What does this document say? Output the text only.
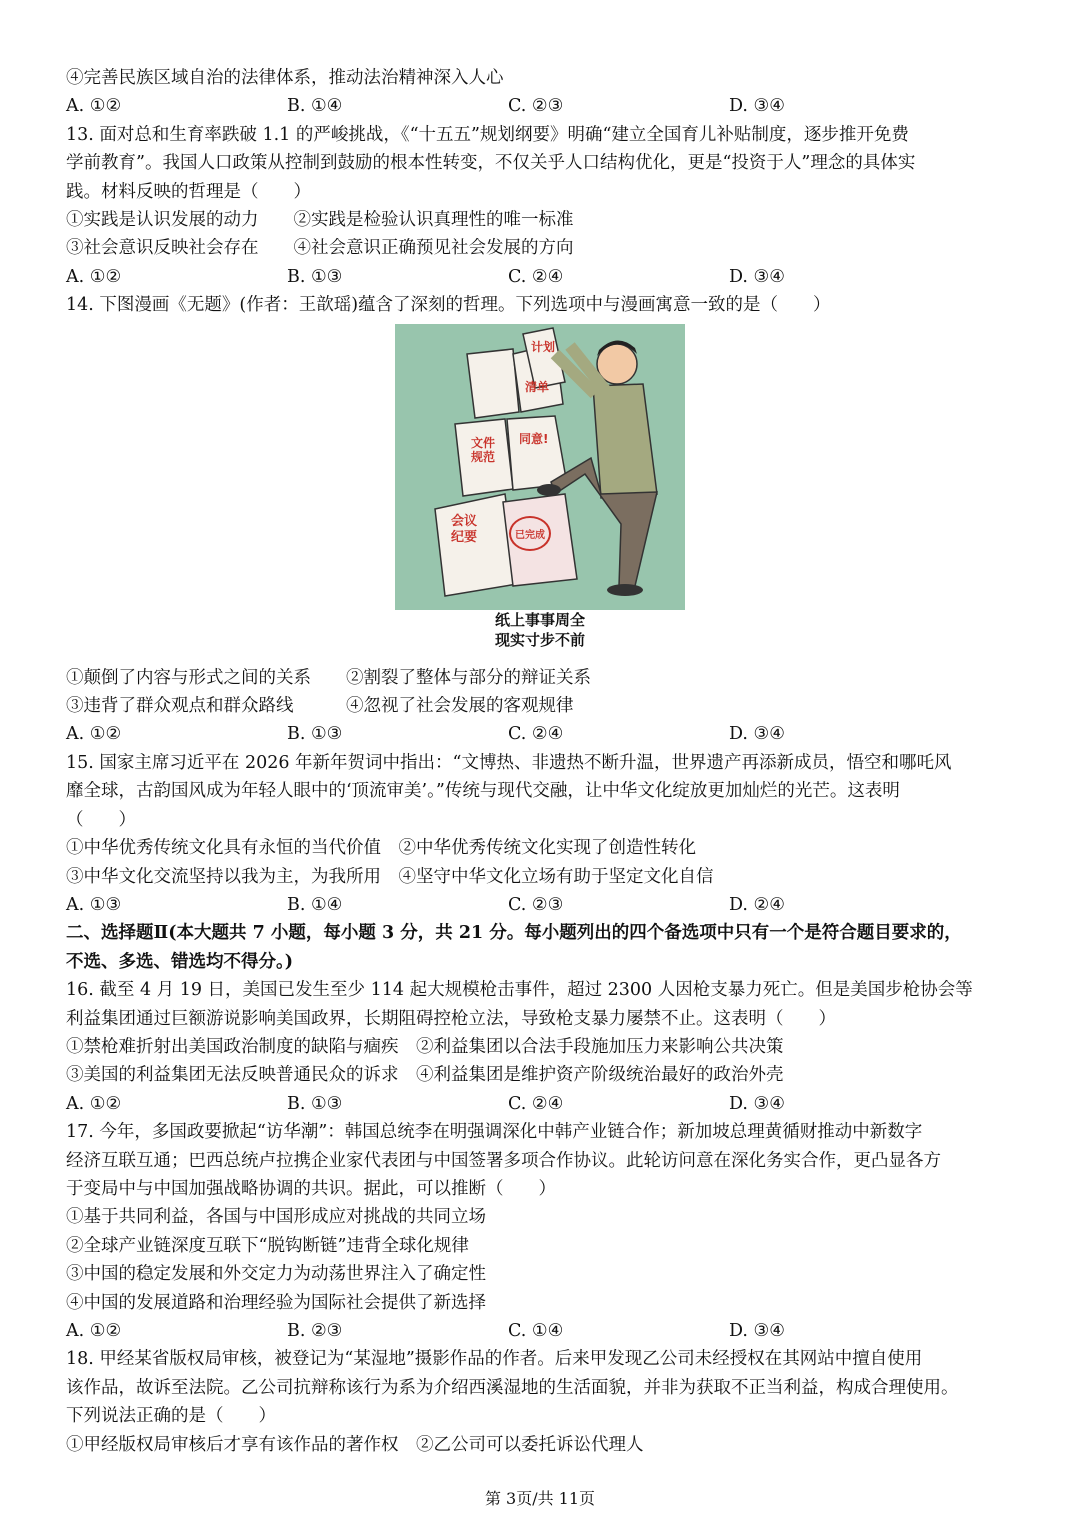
④完善民族区域自治的法律体系，推动法治精神深入人心
A. ①②	B. ①④	C. ②③	D. ③④
13. 面对总和生育率跌破 1.1 的严峻挑战，《“十五五”规划纲要》明确“建立全国育儿补贴制度，逐步推开免费
学前教育”。我国人口政策从控制到鼓励的根本性转变，不仅关乎人口结构优化，更是“投资于人”理念的具体实
践。材料反映的哲理是（　　）
①实践是认识发展的动力　　②实践是检验认识真理性的唯一标准
③社会意识反映社会存在　　④社会意识正确预见社会发展的方向
A. ①②	B. ①③	C. ②④	D. ③④
14. 下图漫画《无题》(作者：王歆瑶)蕴含了深刻的哲理。下列选项中与漫画寓意一致的是（　　）
计划
清单
文件规范
同意!
会议纪要	已完成
纸上事事周全
现实寸步不前
①颠倒了内容与形式之间的关系　　②割裂了整体与部分的辩证关系
③违背了群众观点和群众路线　　　④忽视了社会发展的客观规律
A. ①②	B. ①③	C. ②④	D. ③④
15. 国家主席习近平在 2026 年新年贺词中指出：“文博热、非遗热不断升温，世界遗产再添新成员，悟空和哪吒风
靡全球，古韵国风成为年轻人眼中的‘顶流审美’。”传统与现代交融，让中华文化绽放更加灿烂的光芒。这表明
（　　）
①中华优秀传统文化具有永恒的当代价值　②中华优秀传统文化实现了创造性转化
③中华文化交流坚持以我为主，为我所用　④坚守中华文化立场有助于坚定文化自信
A. ①③	B. ①④	C. ②③	D. ②④
二、选择题Ⅱ(本大题共 7 小题，每小题 3 分，共 21 分。每小题列出的四个备选项中只有一个是符合题目要求的，
不选、多选、错选均不得分。)
16. 截至 4 月 19 日，美国已发生至少 114 起大规模枪击事件，超过 2300 人因枪支暴力死亡。但是美国步枪协会等
利益集团通过巨额游说影响美国政界，长期阻碍控枪立法，导致枪支暴力屡禁不止。这表明（　　）
①禁枪难折射出美国政治制度的缺陷与痼疾　②利益集团以合法手段施加压力来影响公共决策
③美国的利益集团无法反映普通民众的诉求　④利益集团是维护资产阶级统治最好的政治外壳
A. ①②	B. ①③	C. ②④	D. ③④
17. 今年，多国政要掀起“访华潮”：韩国总统李在明强调深化中韩产业链合作；新加坡总理黄循财推动中新数字
经济互联互通；巴西总统卢拉携企业家代表团与中国签署多项合作协议。此轮访问意在深化务实合作，更凸显各方
于变局中与中国加强战略协调的共识。据此，可以推断（　　）
①基于共同利益，各国与中国形成应对挑战的共同立场
②全球产业链深度互联下“脱钩断链”违背全球化规律
③中国的稳定发展和外交定力为动荡世界注入了确定性
④中国的发展道路和治理经验为国际社会提供了新选择
A. ①②	B. ②③	C. ①④	D. ③④
18. 甲经某省版权局审核，被登记为“某湿地”摄影作品的作者。后来甲发现乙公司未经授权在其网站中擅自使用
该作品，故诉至法院。乙公司抗辩称该行为系为介绍西溪湿地的生活面貌，并非为获取不正当利益，构成合理使用。
下列说法正确的是（　　）
①甲经版权局审核后才享有该作品的著作权　②乙公司可以委托诉讼代理人
第 3页/共 11页
